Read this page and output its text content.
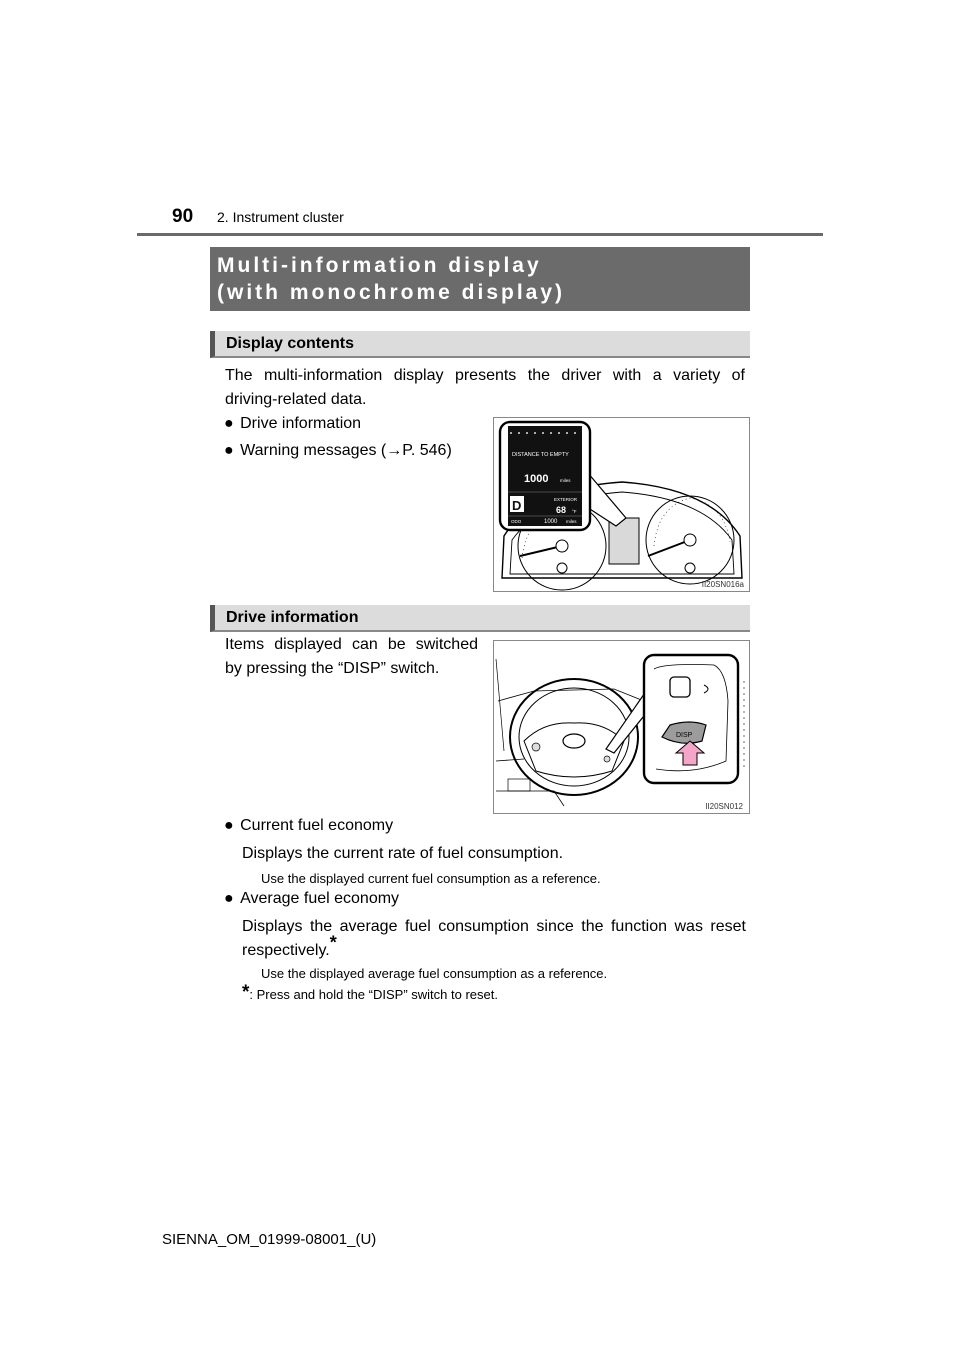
90 2. Instrument cluster
Multi-information display
(with monochrome display)
Display contents
The multi-information display presents the driver with a variety of
driving-related data.
● Drive information
● Warning messages (→P. 546)	DISTANCE TO EMPTY
1000	miles
D	EXTERIOR
68 °F
ODO	1000 miles
II20SN016a
Drive information
Items displayed can be switched
by pressing the “DISP” switch.
DISP
II20SN012
● Current fuel economy
Displays the current rate of fuel consumption.
Use the displayed current fuel consumption as a reference.
● Average fuel economy
Displays the average fuel consumption since the function was reset
respectively.*
Use the displayed average fuel consumption as a reference.
*: Press and hold the “DISP” switch to reset.
SIENNA_OM_01999-08001_(U)
